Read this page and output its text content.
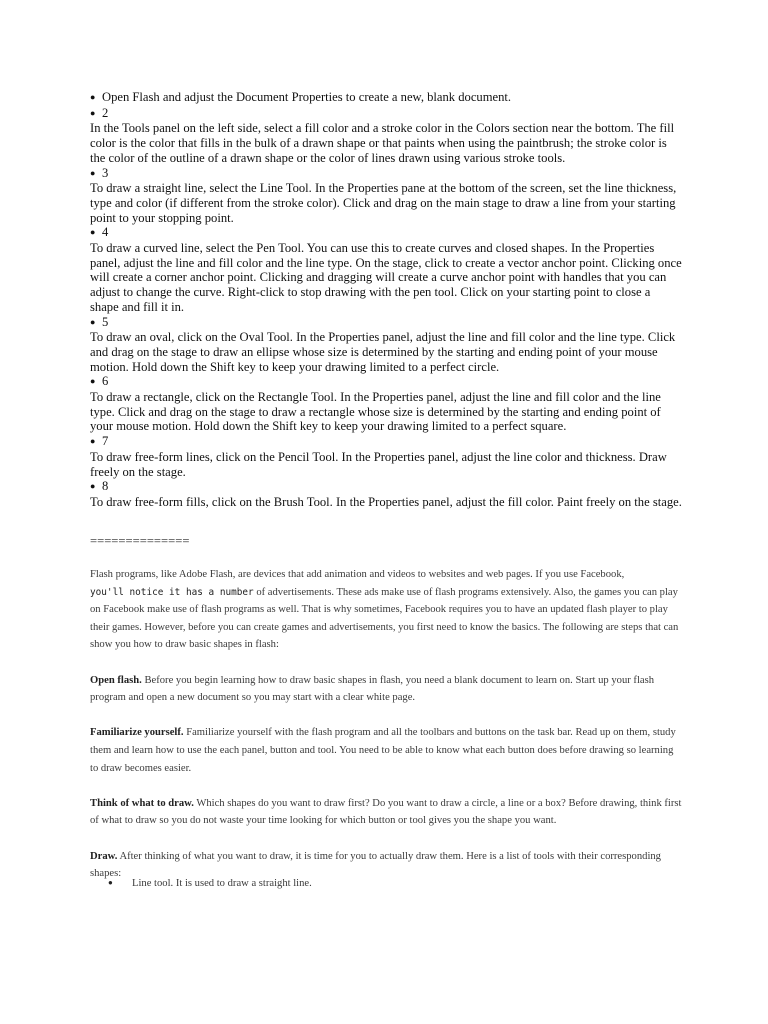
● Open Flash and adjust the Document Properties to create a new, blank document.
● 2

In the Tools panel on the left side, select a fill color and a stroke color in the Colors section near the bottom. The fill color is the color that fills in the bulk of a drawn shape or that paints when using the paintbrush; the stroke color is the color of the outline of a drawn shape or the color of lines drawn using various stroke tools.

● 3

To draw a straight line, select the Line Tool. In the Properties pane at the bottom of the screen, set the line thickness, type and color (if different from the stroke color). Click and drag on the main stage to draw a line from your starting point to your stopping point.

● 4

To draw a curved line, select the Pen Tool. You can use this to create curves and closed shapes. In the Properties panel, adjust the line and fill color and the line type. On the stage, click to create a vector anchor point. Clicking once will create a corner anchor point. Clicking and dragging will create a curve anchor point with handles that you can adjust to change the curve. Right-click to stop drawing with the pen tool. Click on your starting point to close a shape and fill it in.

● 5

To draw an oval, click on the Oval Tool. In the Properties panel, adjust the line and fill color and the line type. Click and drag on the stage to draw an ellipse whose size is determined by the starting and ending point of your mouse motion. Hold down the Shift key to keep your drawing limited to a perfect circle.

● 6

To draw a rectangle, click on the Rectangle Tool. In the Properties panel, adjust the line and fill color and the line type. Click and drag on the stage to draw a rectangle whose size is determined by the starting and ending point of your mouse motion. Hold down the Shift key to keep your drawing limited to a perfect square.

● 7

To draw free-form lines, click on the Pencil Tool. In the Properties panel, adjust the line color and thickness. Draw freely on the stage.

● 8

To draw free-form fills, click on the Brush Tool. In the Properties panel, adjust the fill color. Paint freely on the stage.

==============

Flash programs, like Adobe Flash, are devices that add animation and videos to websites and web pages. If you use Facebook,
you'll notice it has a number of advertisements. These ads make use of flash programs extensively. Also, the games you can play on Facebook make use of flash programs as well. That is why sometimes, Facebook requires you to have an updated flash player to play their games. However, before you can create games and advertisements, you first need to know the basics. The following are steps that can show you how to draw basic shapes in flash:

Open flash. Before you begin learning how to draw basic shapes in flash, you need a blank document to learn on. Start up your flash program and open a new document so you may start with a clear white page.

Familiarize yourself. Familiarize yourself with the flash program and all the toolbars and buttons on the task bar. Read up on them, study them and learn how to use the each panel, button and tool. You need to be able to know what each button does before drawing so learning to draw becomes easier.

Think of what to draw. Which shapes do you want to draw first? Do you want to draw a circle, a line or a box? Before drawing, think first of what to draw so you do not waste your time looking for which button or tool gives you the shape you want.

Draw. After thinking of what you want to draw, it is time for you to actually draw them. Here is a list of tools with their corresponding shapes:

●	Line tool. It is used to draw a straight line.
